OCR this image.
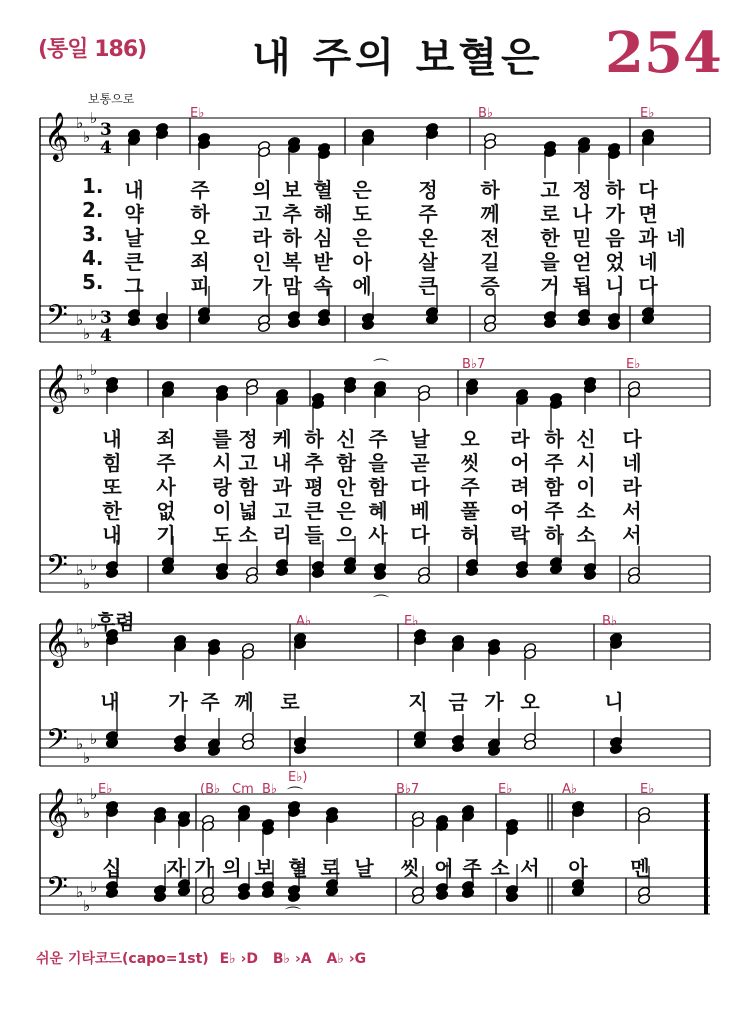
(통일 186)	내 주의 보혈은 254
보통으로
𝄞
𝄢
♭
♭
♭
♭
♭
♭
3
4
3
4
𝄞
𝄢
♭
♭
♭
♭
♭
♭
𝄞
𝄢
♭
♭
♭
♭
♭
♭
𝄞
𝄢
♭
♭
♭
♭
♭
♭
⌒
⌒
⌒
⌒
E♭	B♭	E♭
B♭7	E♭
A♭	E♭	B♭
E♭	(B♭ Cm B♭
E♭)
B♭7	E♭	A♭	E♭
1. 내 주 의 보 혈 은 정 하 고 정 하 다
2. 약 하 고 추 해 도 주 께 로 나 가 면
3. 날 오 라 하 심 은 온 전 한 믿 음 과 네
4. 큰 죄 인 복 받 아 살 길 을 얻 었 네
5. 그 피 가 맘 속 에 큰 증 거 됩 니 다
내 죄 를 정 케 하 신 주 날 오 라 하 신 다
힘 주 시 고 내 추 함 을 곧 씻 어 주 시 네
또 사 랑 함 과 평 안 함 다 주 려 함 이 라
한 없 이 넓 고 큰 은 혜 베 풀 어 주 소 서
내 기 도 소 리 들 으 사 다 허 락 하 소 서
후렴
내 가 주 께 로	지 금 가 오	니
십 자 가 의 보 혈 로 날 씻 어 주 소 서 아 멘
쉬운 기타코드(capo=1st) E♭ ›D B♭ ›A A♭ ›G
